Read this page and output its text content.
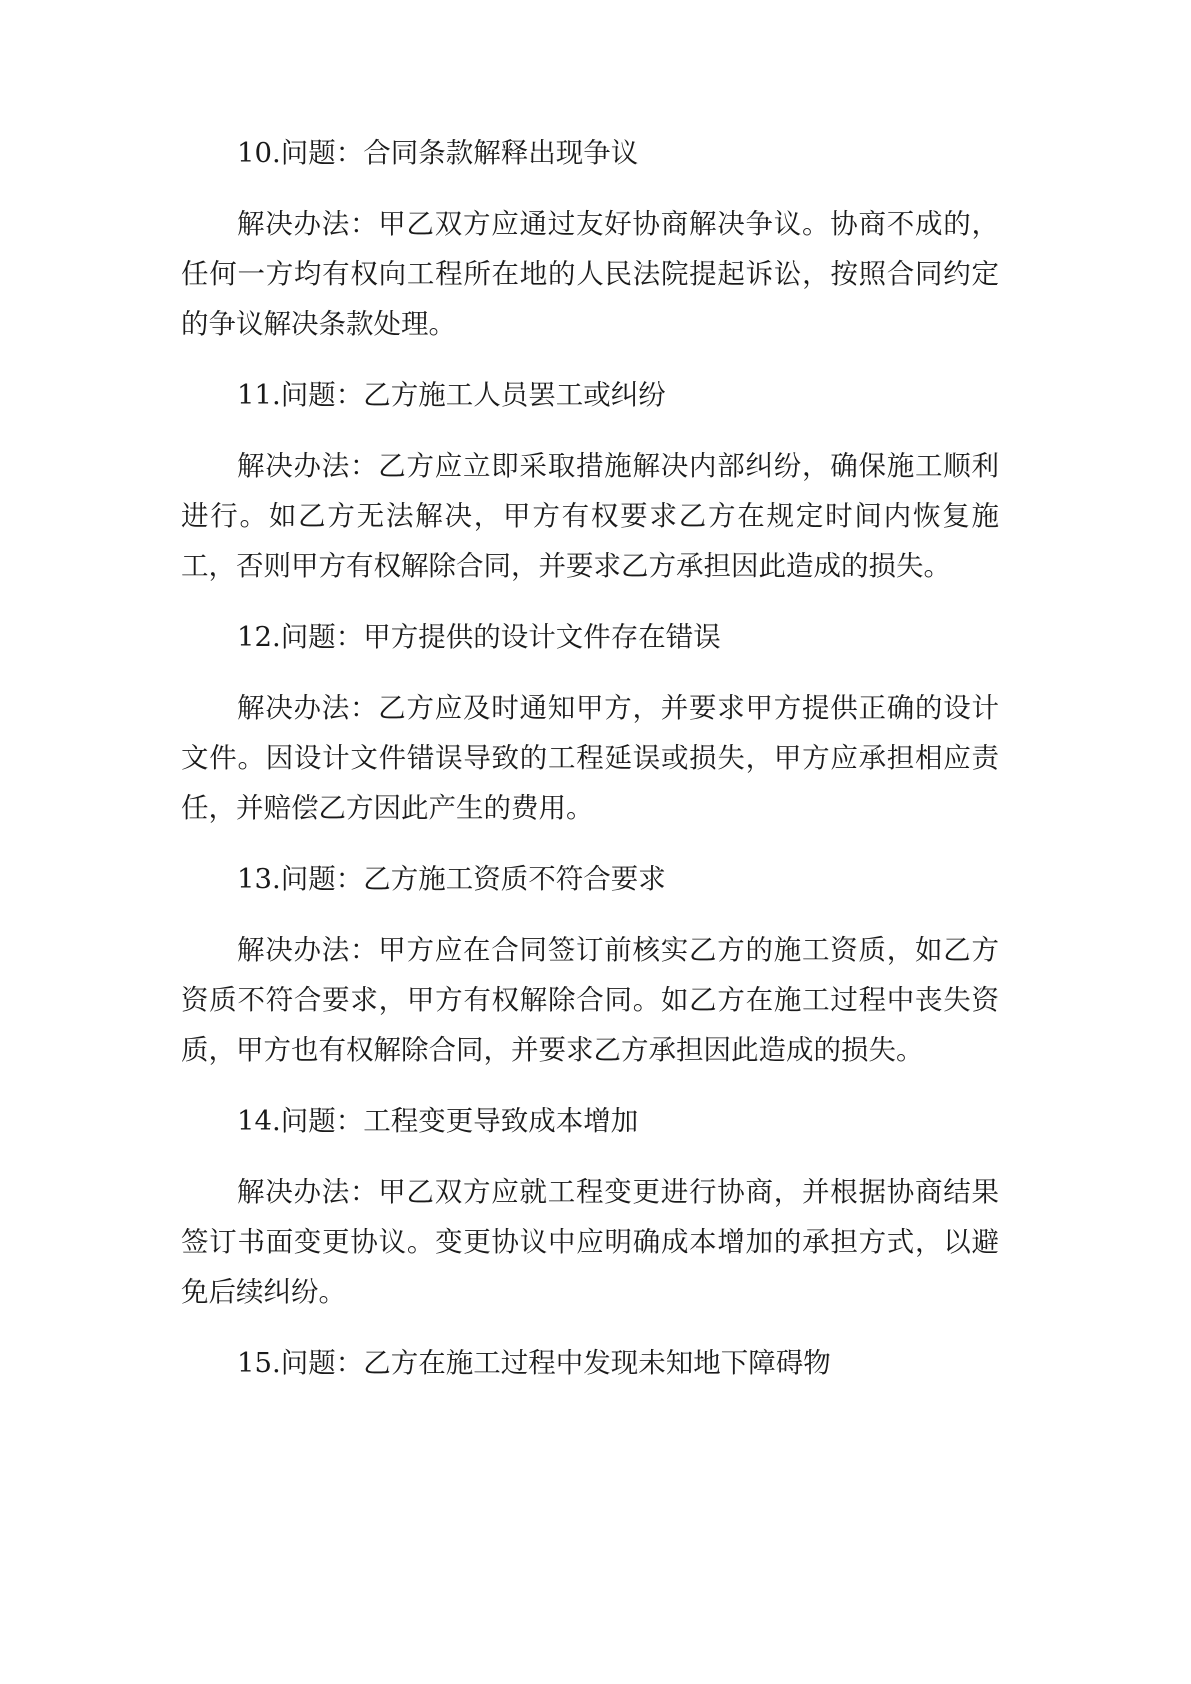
10.问题：合同条款解释出现争议

解决办法：甲乙双方应通过友好协商解决争议。协商不成的，任何一方均有权向工程所在地的人民法院提起诉讼，按照合同约定的争议解决条款处理。

11.问题：乙方施工人员罢工或纠纷

解决办法：乙方应立即采取措施解决内部纠纷，确保施工顺利进行。如乙方无法解决，甲方有权要求乙方在规定时间内恢复施工，否则甲方有权解除合同，并要求乙方承担因此造成的损失。

12.问题：甲方提供的设计文件存在错误

解决办法：乙方应及时通知甲方，并要求甲方提供正确的设计文件。因设计文件错误导致的工程延误或损失，甲方应承担相应责任，并赔偿乙方因此产生的费用。

13.问题：乙方施工资质不符合要求

解决办法：甲方应在合同签订前核实乙方的施工资质，如乙方资质不符合要求，甲方有权解除合同。如乙方在施工过程中丧失资质，甲方也有权解除合同，并要求乙方承担因此造成的损失。

14.问题：工程变更导致成本增加

解决办法：甲乙双方应就工程变更进行协商，并根据协商结果签订书面变更协议。变更协议中应明确成本增加的承担方式，以避免后续纠纷。

15.问题：乙方在施工过程中发现未知地下障碍物
